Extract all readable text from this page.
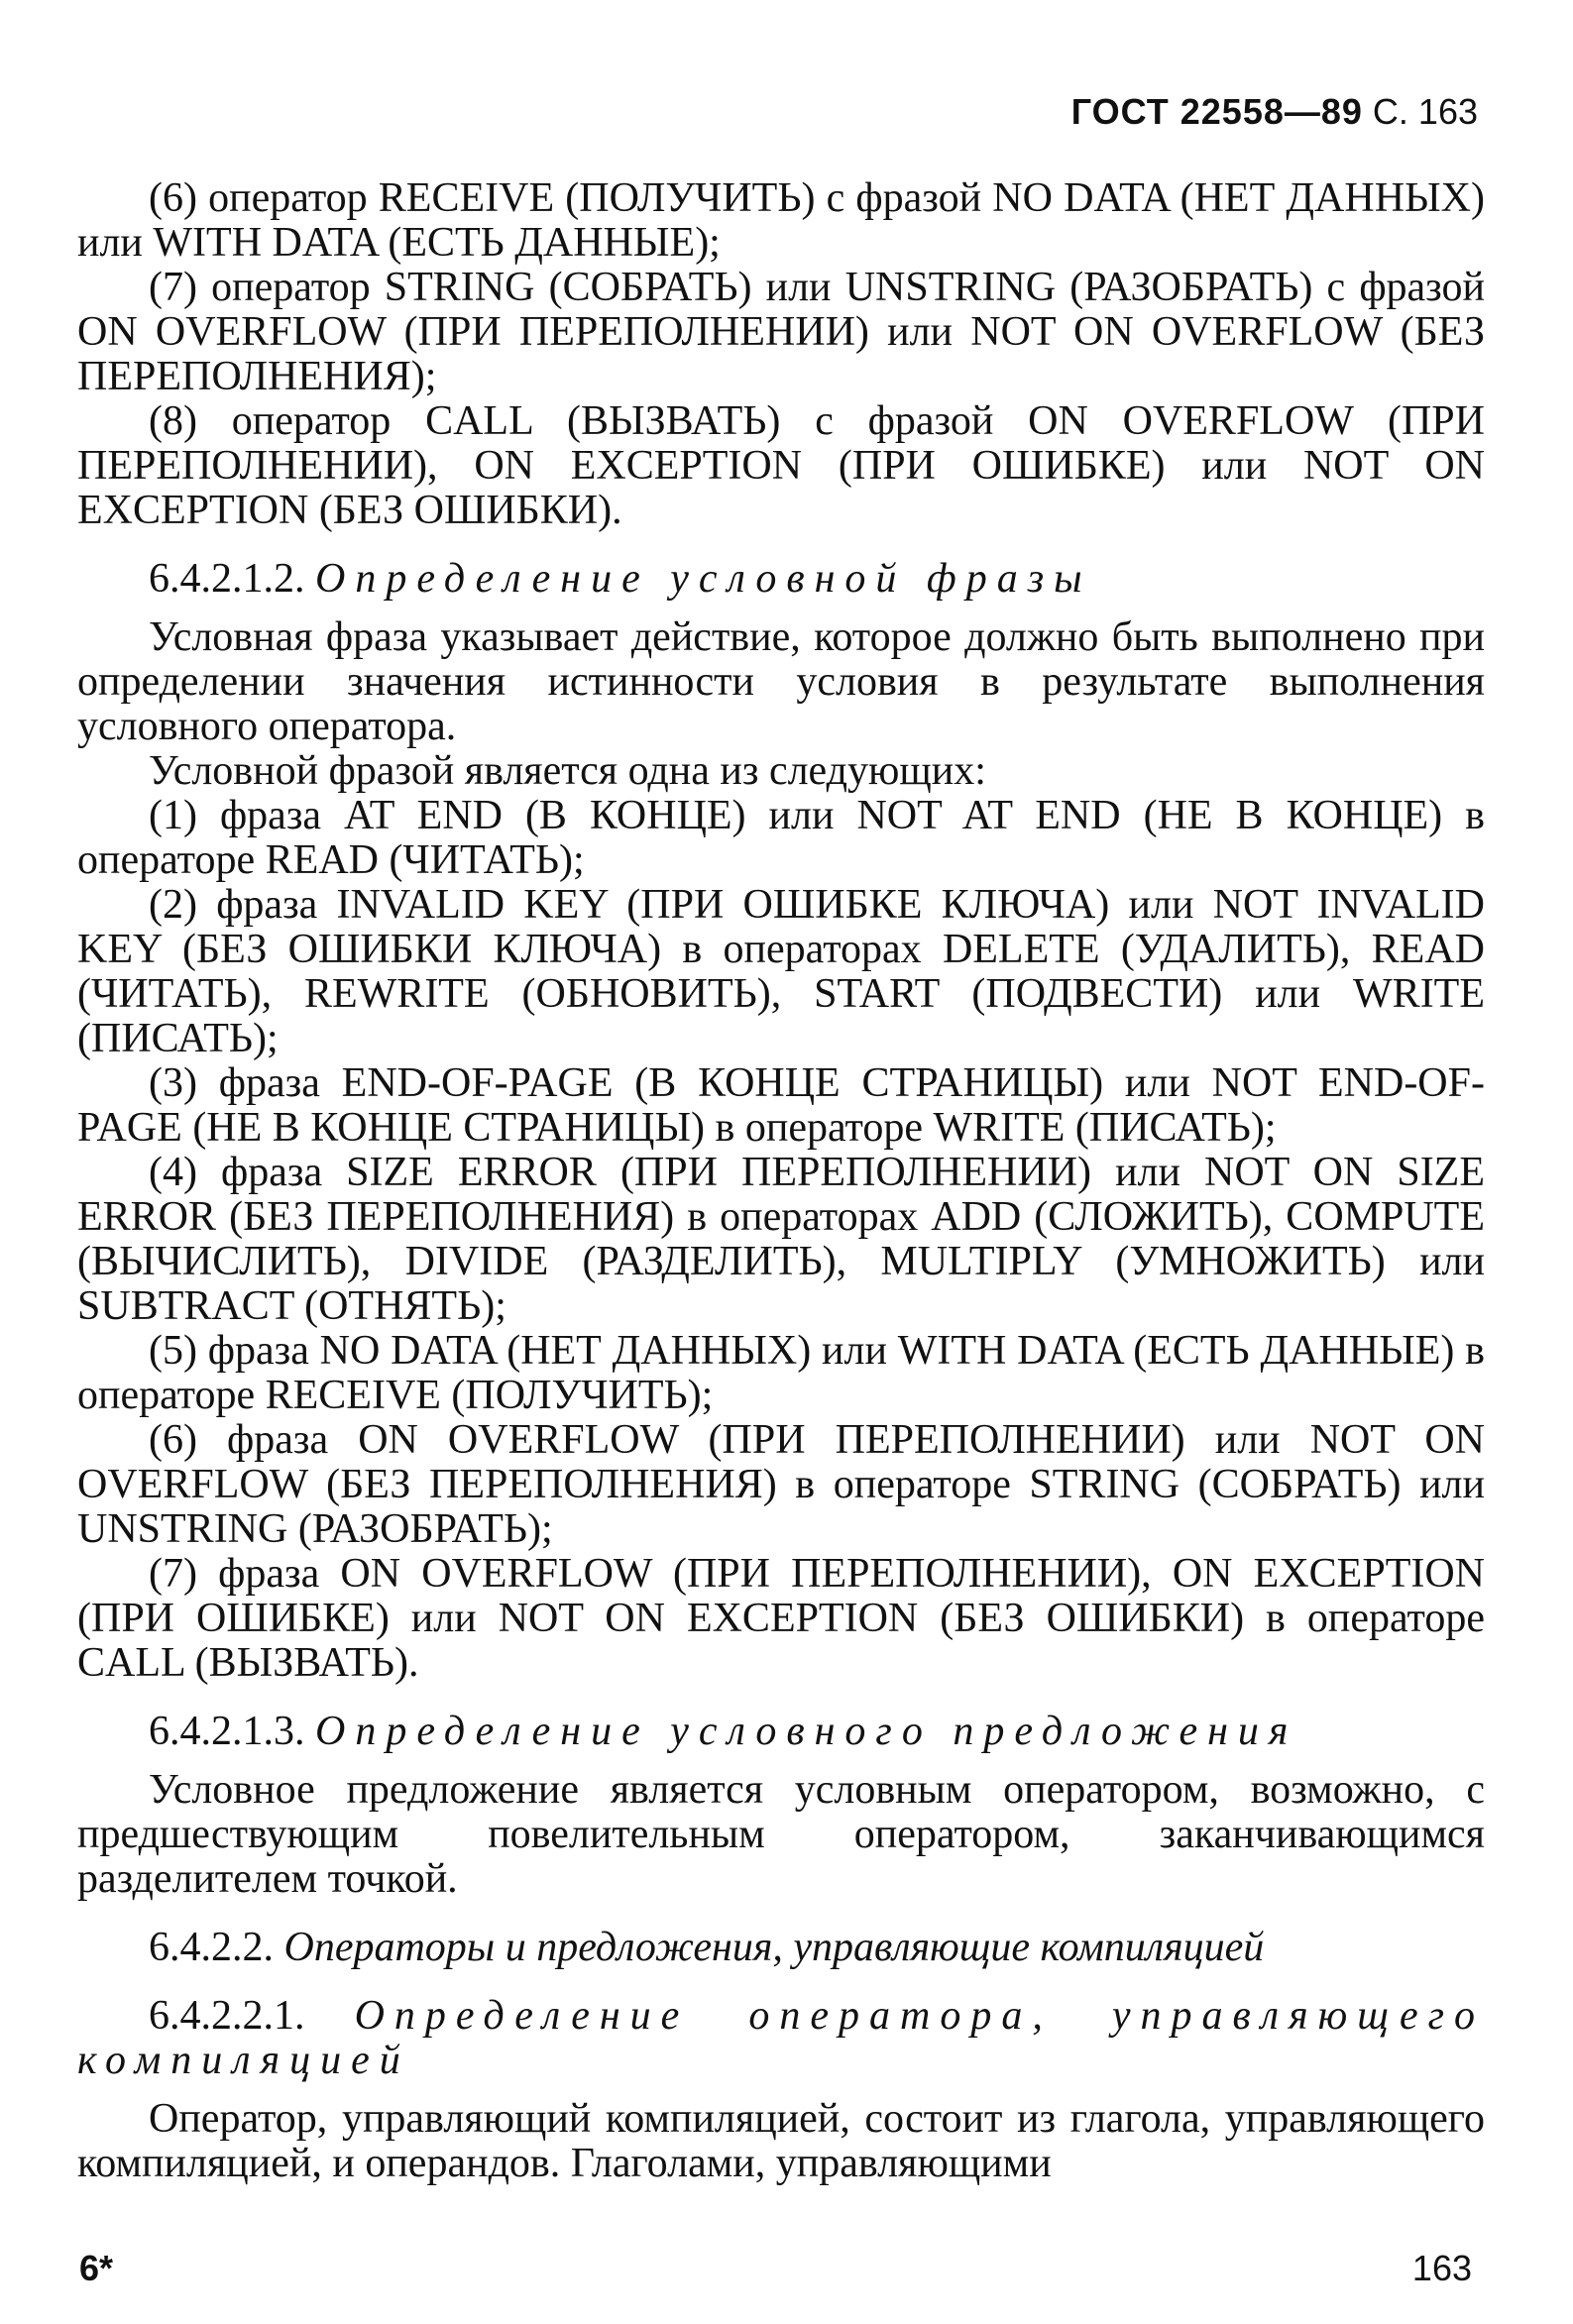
ГОСТ 22558—89 С. 163

(6) оператор RECEIVE (ПОЛУЧИТЬ) с фразой NO DATA (НЕТ ДАННЫХ) или WITH DATA (ЕСТЬ ДАННЫЕ);

(7) оператор STRING (СОБРАТЬ) или UNSTRING (РАЗОБРАТЬ) с фразой ON OVERFLOW (ПРИ ПЕРЕПОЛНЕНИИ) или NOT ON OVERFLOW (БЕЗ ПЕРЕПОЛНЕНИЯ);

(8) оператор CALL (ВЫЗВАТЬ) с фразой ON OVERFLOW (ПРИ ПЕРЕПОЛНЕНИИ), ON EXCEPTION (ПРИ ОШИБКЕ) или NOT ON EXCEPTION (БЕЗ ОШИБКИ).

6.4.2.1.2. Определение условной фразы

Условная фраза указывает действие, которое должно быть выполнено при определении значения истинности условия в результате выполнения условного оператора.

Условной фразой является одна из следующих:

(1) фраза AT END (В КОНЦЕ) или NOT AT END (НЕ В КОНЦЕ) в операторе READ (ЧИТАТЬ);

(2) фраза INVALID KEY (ПРИ ОШИБКЕ КЛЮЧА) или NOT INVALID KEY (БЕЗ ОШИБКИ КЛЮЧА) в операторах DELETE (УДАЛИТЬ), READ (ЧИТАТЬ), REWRITE (ОБНОВИТЬ), START (ПОДВЕСТИ) или WRITE (ПИСАТЬ);

(3) фраза END-OF-PAGE (В КОНЦЕ СТРАНИЦЫ) или NOT END-OF-PAGE (НЕ В КОНЦЕ СТРАНИЦЫ) в операторе WRITE (ПИСАТЬ);

(4) фраза SIZE ERROR (ПРИ ПЕРЕПОЛНЕНИИ) или NOT ON SIZE ERROR (БЕЗ ПЕРЕПОЛНЕНИЯ) в операторах ADD (СЛОЖИТЬ), COMPUTE (ВЫЧИСЛИТЬ), DIVIDE (РАЗДЕЛИТЬ), MULTIPLY (УМНОЖИТЬ) или SUBTRACT (ОТНЯТЬ);

(5) фраза NO DATA (НЕТ ДАННЫХ) или WITH DATA (ЕСТЬ ДАННЫЕ) в операторе RECEIVE (ПОЛУЧИТЬ);

(6) фраза ON OVERFLOW (ПРИ ПЕРЕПОЛНЕНИИ) или NOT ON OVERFLOW (БЕЗ ПЕРЕПОЛНЕНИЯ) в операторе STRING (СОБРАТЬ) или UNSTRING (РАЗОБРАТЬ);

(7) фраза ON OVERFLOW (ПРИ ПЕРЕПОЛНЕНИИ), ON EXCEPTION (ПРИ ОШИБКЕ) или NOT ON EXCEPTION (БЕЗ ОШИБКИ) в операторе CALL (ВЫЗВАТЬ).

6.4.2.1.3. Определение условного предложения

Условное предложение является условным оператором, возможно, с предшествующим повелительным оператором, заканчивающимся разделителем точкой.

6.4.2.2. Операторы и предложения, управляющие компиляцией

6.4.2.2.1. Определение оператора, управляющего компиляцией

Оператор, управляющий компиляцией, состоит из глагола, управляющего компиляцией, и операндов. Глаголами, управляющими

6*	163
